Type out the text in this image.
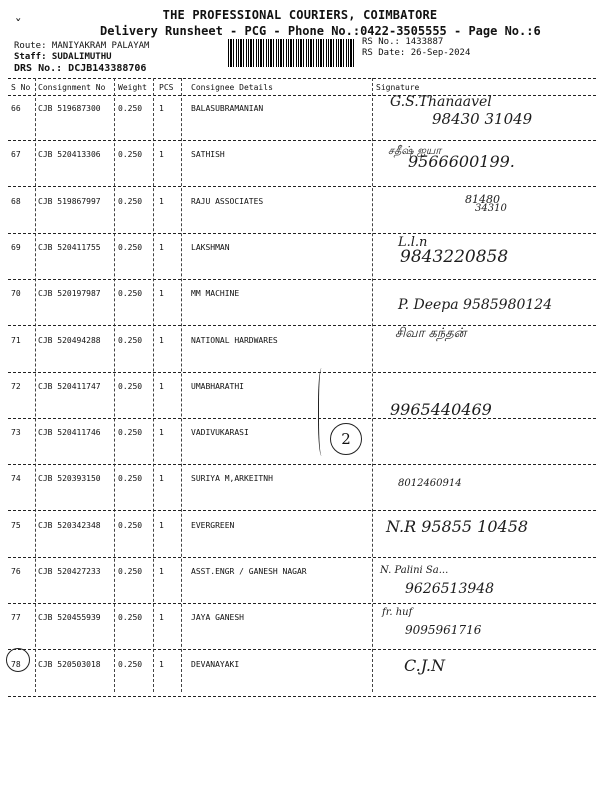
ˇ
THE PROFESSIONAL COURIERS, COIMBATORE
Delivery Runsheet - PCG - Phone No.:0422-3505555 - Page No.:6
Route: MANIYAKRAM PALAYAM
Staff: SUDALIMUTHU
DRS No.: DCJB143388706
RS No.: 1433887
RS Date: 26-Sep-2024
S No Consignment No Weight PCS Consignee Details	Signature
66 CJB 519687300 0.250 1	BALASUBRAMANIAN	G.S.Thanaavel
98430 31049
67 CJB 520413306 0.250 1	SATHISH	சதீஷ் ஐயா
9566600199.
68 CJB 519867997 0.250 1	RAJU ASSOCIATES	81480
34310
69 CJB 520411755 0.250 1	LAKSHMAN	L.l.n
9843220858
70 CJB 520197987 0.250 1	MM MACHINE
P. Deepa 9585980124
71 CJB 520494288 0.250 1	NATIONAL HARDWARES	சிவா கந்தன்
72 CJB 520411747 0.250 1	UMABHARATHI
9965440469
73 CJB 520411746 0.250 1	VADIVUKARASI
74 CJB 520393150 0.250 1	SURIYA M,ARKEITNH	8012460914
75 CJB 520342348 0.250 1	EVERGREEN	N.R 95855 10458
76 CJB 520427233 0.250 1	ASST.ENGR / GANESH NAGAR	N. Palini Sa...
9626513948
77 CJB 520455939 0.250 1	JAYA GANESH	fr. huf
9095961716
78 CJB 520503018 0.250 1	DEVANAYAKI	C.J.N
2
